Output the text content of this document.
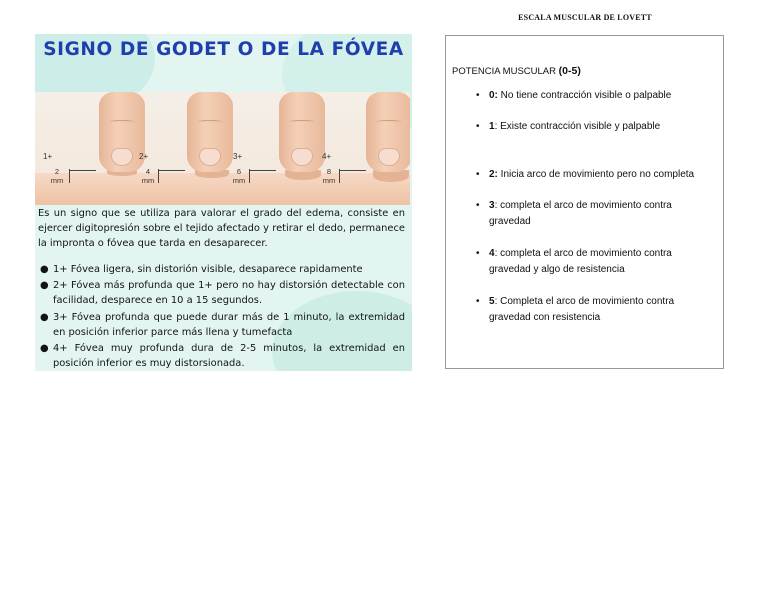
SIGNO DE GODET O DE LA FÓVEA
1+	2+	3+	4+
2
mm
4
mm
6
mm
8
mm
Es un signo que se utiliza para valorar el grado del edema, consiste en ejercer digitopresión sobre el tejido afectado y retirar el dedo, permanece la impronta o fóvea que tarda en desaparecer.
● 1+ Fóvea ligera, sin distorión visible, desaparece rapidamente
● 2+ Fóvea más profunda que 1+ pero no hay distorsión detectable con facilidad, desparece en 10 a 15 segundos.
● 3+ Fóvea profunda que puede durar más de 1 minuto, la extremidad en posición inferior parce más llena y tumefacta
● 4+ Fóvea muy profunda dura de 2-5 minutos, la extremidad en posición inferior es muy distorsionada.
ESCALA MUSCULAR DE LOVETT
POTENCIA MUSCULAR (0-5)
• 0: No tiene contracción visible o palpable
• 1: Existe contracción visible y palpable
• 2: Inicia arco de movimiento pero no completa
• 3: completa el arco de movimiento contra gravedad
• 4: completa el arco de movimiento contra gravedad y algo de resistencia
• 5: Completa el arco de movimiento contra gravedad con resistencia
